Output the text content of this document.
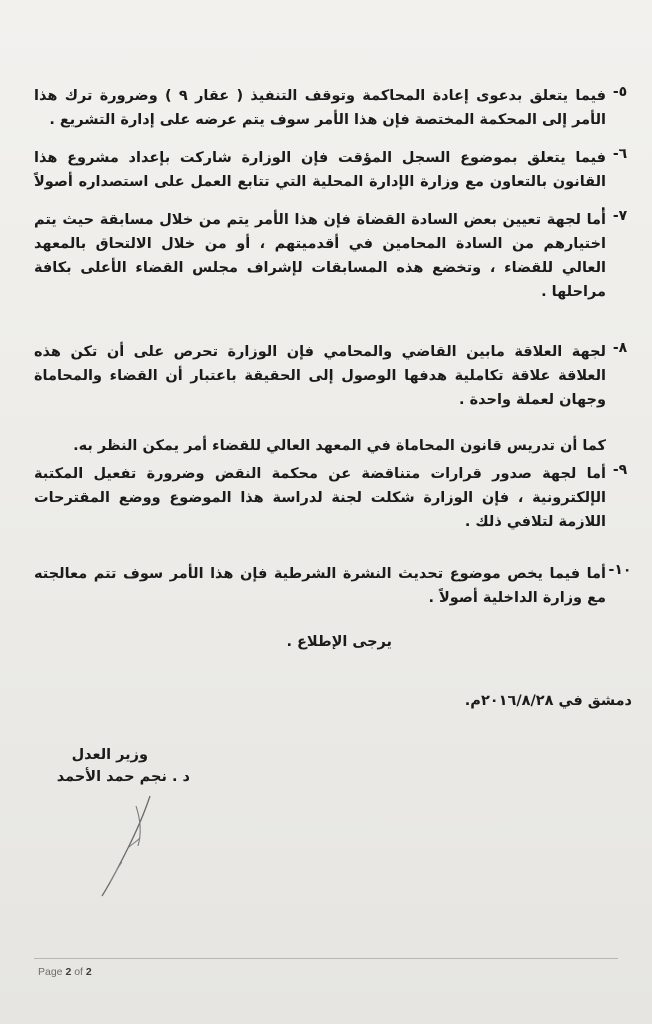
٥-
فيما يتعلق بدعوى إعادة المحاكمة وتوقف التنفيذ ( عقار ٩ ) وضرورة ترك هذا الأمر إلى المحكمة المختصة فإن هذا الأمر سوف يتم عرضه على إدارة التشريع .
٦-
فيما يتعلق بموضوع السجل المؤقت فإن الوزارة شاركت بإعداد مشروع هذا القانون بالتعاون مع وزارة الإدارة المحلية التي تتابع العمل على استصداره أصولاً .
٧-
أما لجهة تعيين بعض السادة القضاة فإن هذا الأمر يتم من خلال مسابقة حيث يتم اختيارهم من السادة المحامين في أقدميتهم ، أو من خلال الالتحاق بالمعهد العالي للقضاء ، وتخضع هذه المسابقات لإشراف مجلس القضاء الأعلى بكافة مراحلها .
٨-
لجهة العلاقة مابين القاضي والمحامي فإن الوزارة تحرص على أن تكن هذه العلاقة علاقة تكاملية هدفها الوصول إلى الحقيقة باعتبار أن القضاء والمحاماة وجهان لعملة واحدة .
كما أن تدريس قانون المحاماة في المعهد العالي للقضاء أمر يمكن النظر به.
٩-
أما لجهة صدور قرارات متناقضة عن محكمة النقض وضرورة تفعيل المكتبة الإلكترونية ، فإن الوزارة شكلت لجنة لدراسة هذا الموضوع ووضع المقترحات اللازمة لتلافي ذلك .
١٠-
أما فيما يخص موضوع تحديث النشرة الشرطية فإن هذا الأمر سوف تتم معالجته مع وزارة الداخلية أصولاً .
يرجى الإطلاع .
دمشق في ٢٠١٦/٨/٢٨م.
وزير العدل
د . نجم حمد الأحمد
Page 2 of 2
